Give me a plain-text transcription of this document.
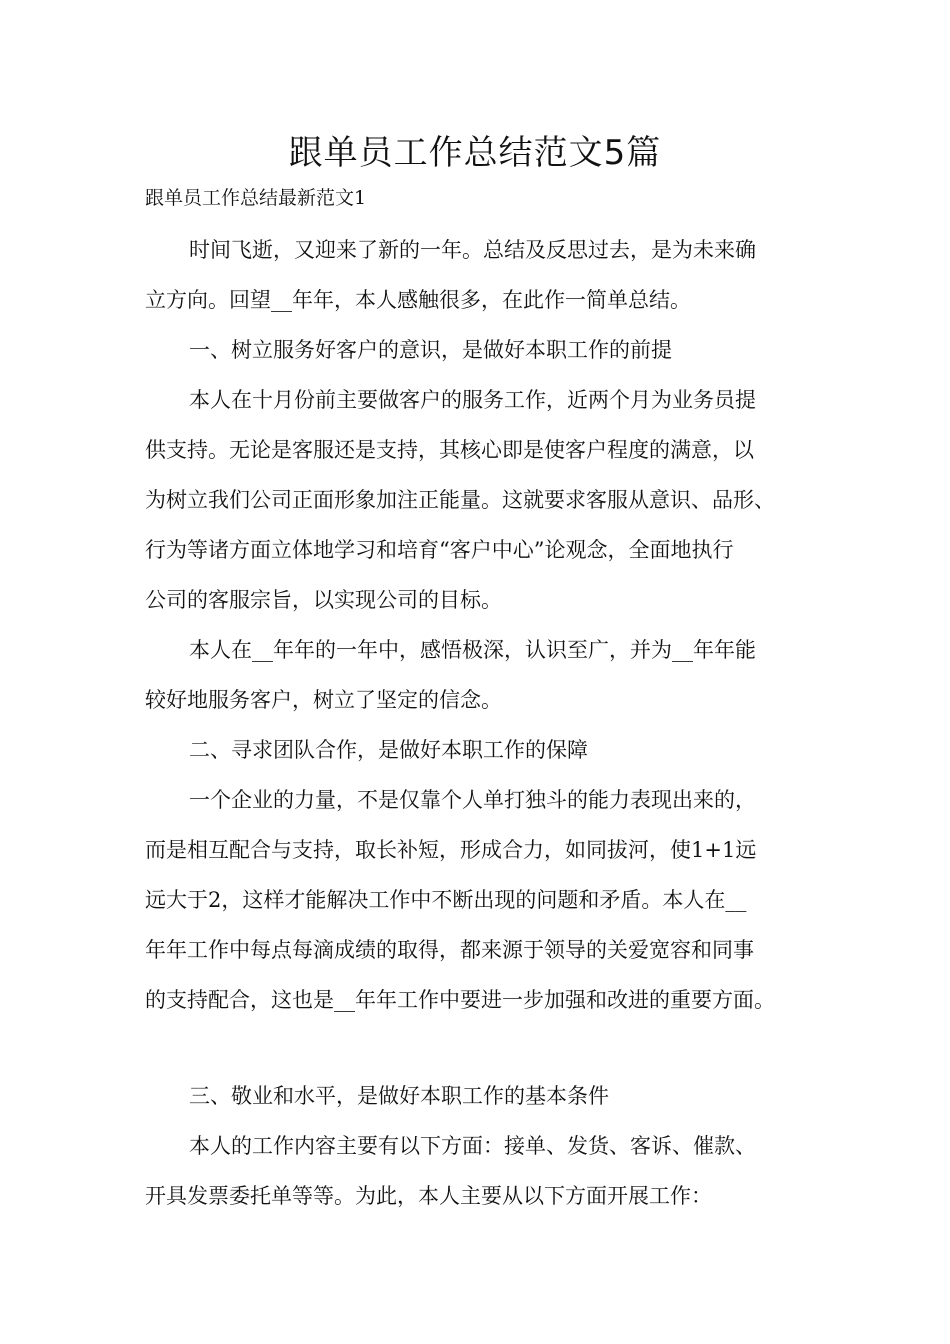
跟单员工作总结范文5篇

跟单员工作总结最新范文1

时间飞逝，又迎来了新的一年。总结及反思过去，是为未来确
立方向。回望__年年，本人感触很多，在此作一简单总结。
一、树立服务好客户的意识，是做好本职工作的前提
本人在十月份前主要做客户的服务工作，近两个月为业务员提
供支持。无论是客服还是支持，其核心即是使客户程度的满意，以
为树立我们公司正面形象加注正能量。这就要求客服从意识、品形、
行为等诸方面立体地学习和培育“客户中心”论观念，全面地执行
公司的客服宗旨，以实现公司的目标。
本人在__年年的一年中，感悟极深，认识至广，并为__年年能
较好地服务客户，树立了坚定的信念。
二、寻求团队合作，是做好本职工作的保障
一个企业的力量，不是仅靠个人单打独斗的能力表现出来的，
而是相互配合与支持，取长补短，形成合力，如同拔河，使1+1远
远大于2，这样才能解决工作中不断出现的问题和矛盾。本人在__
年年工作中每点每滴成绩的取得，都来源于领导的关爱宽容和同事
的支持配合，这也是__年年工作中要进一步加强和改进的重要方面。
三、敬业和水平，是做好本职工作的基本条件
本人的工作内容主要有以下方面：接单、发货、客诉、催款、
开具发票委托单等等。为此，本人主要从以下方面开展工作：
